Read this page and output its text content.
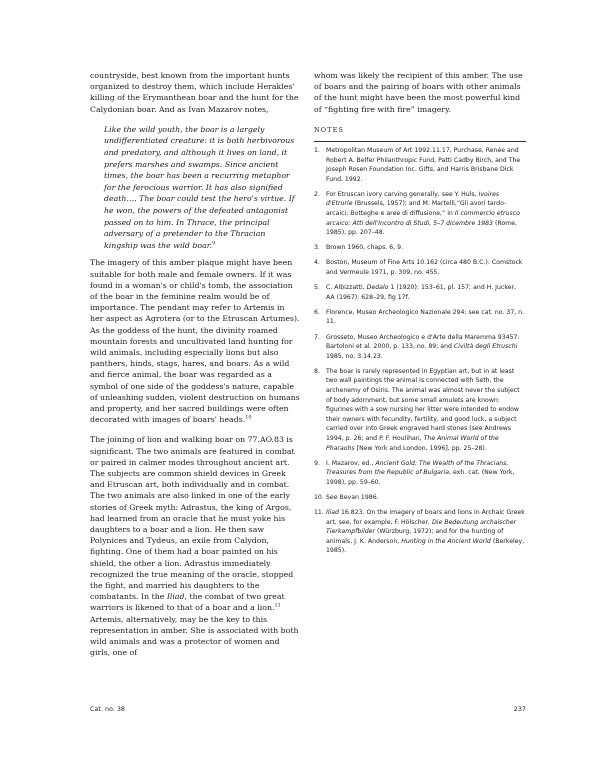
countryside, best known from the important hunts organized to destroy them, which include Herakles' killing of the Erymanthean boar and the hunt for the Calydonian boar. And as Ivan Mazarov notes,

Like the wild youth, the boar is a largely undifferentiated creature: it is both herbivorous and predatory, and although it lives on land, it prefers marshes and swamps. Since ancient times, the boar has been a recurring metaphor for the ferocious warrior. It has also signified death…. The boar could test the hero's virtue. If he won, the powers of the defeated antagonist passed on to him. In Thrace, the principal adversary of a pretender to the Thracian kingship was the wild boar.$^9$

The imagery of this amber plaque might have been suitable for both male and female owners. If it was found in a woman's or child's tomb, the association of the boar in the feminine realm would be of importance. The pendant may refer to Artemis in her aspect as Agrotera (or to the Etruscan Artumes). As the goddess of the hunt, the divinity roamed mountain forests and uncultivated land hunting for wild animals, including especially lions but also panthers, hinds, stags, hares, and boars. As a wild and fierce animal, the boar was regarded as a symbol of one side of the goddess's nature, capable of unleashing sudden, violent destruction on humans and property, and her sacred buildings were often decorated with images of boars' heads.$^{10}$

The joining of lion and walking boar on 77.AO.83 is significant. The two animals are featured in combat or paired in calmer modes throughout ancient art. The subjects are common shield devices in Greek and Etruscan art, both individually and in combat. The two animals are also linked in one of the early stories of Greek myth: Adrastus, the king of Argos, had learned from an oracle that he must yoke his daughters to a boar and a lion. He then saw Polynices and Tydeus, an exile from Calydon, fighting. One of them had a boar painted on his shield, the other a lion. Adrastus immediately recognized the true meaning of the oracle, stopped the fight, and married his daughters to the combatants. In the Iliad, the combat of two great warriors is likened to that of a boar and a lion.$^{11}$ Artemis, alternatively, may be the key to this representation in amber. She is associated with both wild animals and was a protector of women and girls, one of

whom was likely the recipient of this amber. The use of boars and the pairing of boars with other animals of the hunt might have been the most powerful kind of “fighting fire with fire” imagery.

NOTES
1. Metropolitan Museum of Art 1992.11.17, Purchase, Renée and Robert A. Belfer Philanthropic Fund, Patti Cadby Birch, and The Joseph Rosen Foundation Inc. Gifts, and Harris Brisbane Dick Fund, 1992.
2. For Etruscan ivory carving generally, see Y. Huls, Ivoires d'Etrurie (Brussels, 1957); and M. Martelli,“Gli avori tardo-arcaici: Botteghe e aree di diffusione,” in Il commercio etrusco arcaico: Atti dell'Incontro di Studi, 5–7 dicembre 1983 (Rome, 1985), pp. 207–48.
3. Brown 1960, chaps. 6, 9.
4. Boston, Museum of Fine Arts 10.162 (circa 480 B.C.): Comstock and Vermeule 1971, p. 309, no. 455.
5. C. Albizzatti, Dedalo 1 (1920): 153–61, pl. 157; and H. Jucker, AA (1967): 628–29, fig 17f.
6. Florence, Museo Archeologico Nazionale 294: see cat. no. 37, n. 11.
7. Grosseto, Museo Archeologico e d'Arte della Maremma 93457: Bartoloni et al. 2000, p. 133, no. 89; and Civiltà degli Etruschi 1985, no. 3.14.23.
8. The boar is rarely represented in Egyptian art, but in at least two wall paintings the animal is connected with Seth, the archenemy of Osiris. The animal was almost never the subject of body adornment, but some small amulets are known: figurines with a sow nursing her litter were intended to endow their owners with fecundity, fertility, and good luck, a subject carried over into Greek engraved hard stones (see Andrews 1994, p. 26; and P. F. Houlihan, The Animal World of the Pharaohs [New York and London, 1996], pp. 25–28).
9. I. Mazarov, ed., Ancient Gold: The Wealth of the Thracians, Treasures from the Republic of Bulgaria, exh. cat. (New York, 1998), pp. 59–60.
10. See Bevan 1986.
11. Iliad 16.823. On the imagery of boars and lions in Archaic Greek art, see, for example, F. Hölscher, Die Bedeutung archaischer Tierkampfbilder (Würzburg, 1972); and for the hunting of animals, J. K. Anderson, Hunting in the Ancient World (Berkeley, 1985).
Cat. no. 38	237
